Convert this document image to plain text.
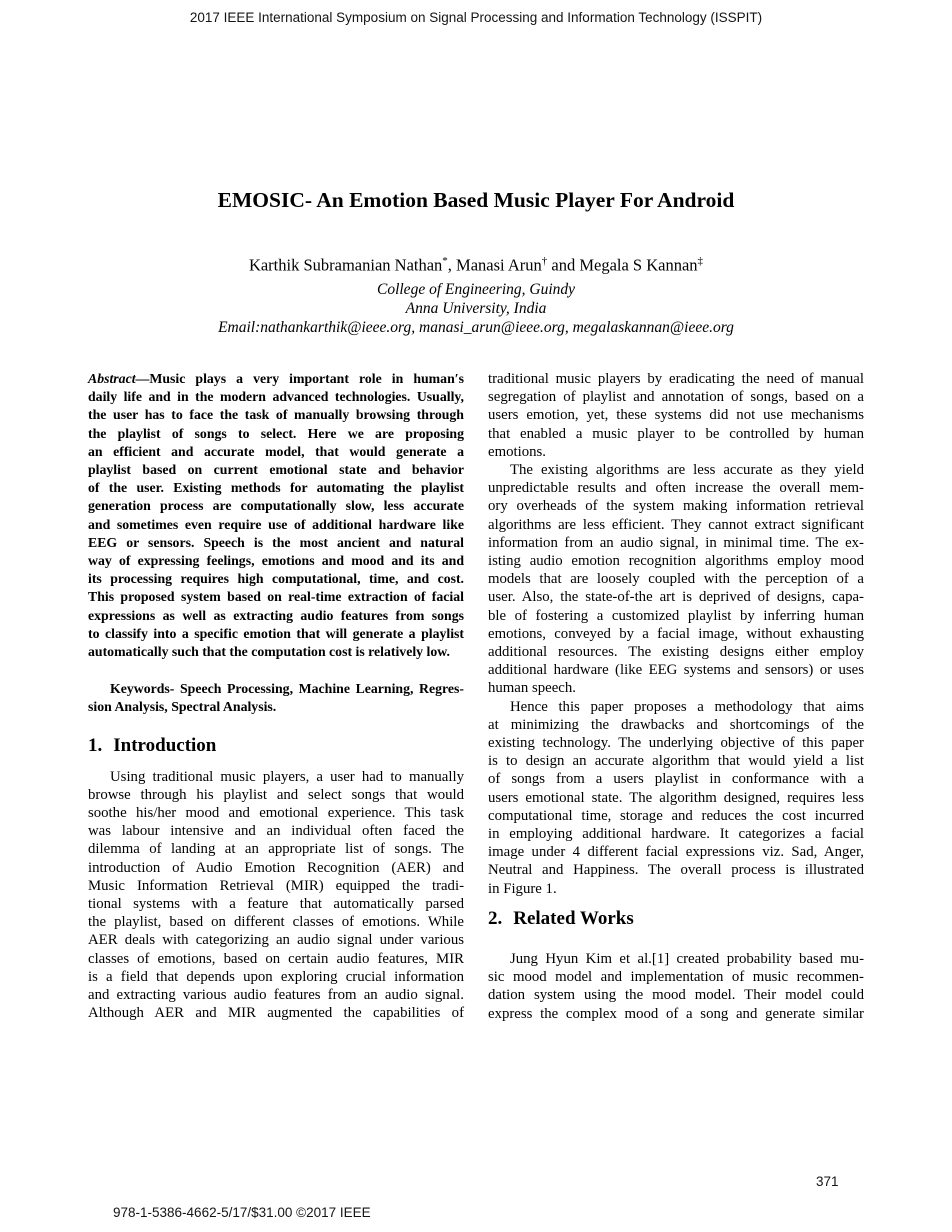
2017 IEEE International Symposium on Signal Processing and Information Technology (ISSPIT)
EMOSIC- An Emotion Based Music Player For Android
Karthik Subramanian Nathan*, Manasi Arun† and Megala S Kannan‡
College of Engineering, Guindy
Anna University, India
Email:nathankarthik@ieee.org, manasi_arun@ieee.org, megalaskannan@ieee.org
Abstract—Music plays a very important role in human′s
daily life and in the modern advanced technologies. Usually,
the user has to face the task of manually browsing through
the playlist of songs to select. Here we are proposing
an efficient and accurate model, that would generate a
playlist based on current emotional state and behavior
of the user. Existing methods for automating the playlist
generation process are computationally slow, less accurate
and sometimes even require use of additional hardware like
EEG or sensors. Speech is the most ancient and natural
way of expressing feelings, emotions and mood and its and
its processing requires high computational, time, and cost.
This proposed system based on real-time extraction of facial
expressions as well as extracting audio features from songs
to classify into a specific emotion that will generate a playlist
automatically such that the computation cost is relatively low.
Keywords- Speech Processing, Machine Learning, Regres-
sion Analysis, Spectral Analysis.
1. Introduction
Using traditional music players, a user had to manually
browse through his playlist and select songs that would
soothe his/her mood and emotional experience. This task
was labour intensive and an individual often faced the
dilemma of landing at an appropriate list of songs. The
introduction of Audio Emotion Recognition (AER) and
Music Information Retrieval (MIR) equipped the tradi-
tional systems with a feature that automatically parsed
the playlist, based on different classes of emotions. While
AER deals with categorizing an audio signal under various
classes of emotions, based on certain audio features, MIR
is a field that depends upon exploring crucial information
and extracting various audio features from an audio signal.
Although AER and MIR augmented the capabilities of
traditional music players by eradicating the need of manual
segregation of playlist and annotation of songs, based on a
users emotion, yet, these systems did not use mechanisms
that enabled a music player to be controlled by human
emotions.
The existing algorithms are less accurate as they yield
unpredictable results and often increase the overall mem-
ory overheads of the system making information retrieval
algorithms are less efficient. They cannot extract significant
information from an audio signal, in minimal time. The ex-
isting audio emotion recognition algorithms employ mood
models that are loosely coupled with the perception of a
user. Also, the state-of-the art is deprived of designs, capa-
ble of fostering a customized playlist by inferring human
emotions, conveyed by a facial image, without exhausting
additional resources. The existing designs either employ
additional hardware (like EEG systems and sensors) or uses
human speech.
Hence this paper proposes a methodology that aims
at minimizing the drawbacks and shortcomings of the
existing technology. The underlying objective of this paper
is to design an accurate algorithm that would yield a list
of songs from a users playlist in conformance with a
users emotional state. The algorithm designed, requires less
computational time, storage and reduces the cost incurred
in employing additional hardware. It categorizes a facial
image under 4 different facial expressions viz. Sad, Anger,
Neutral and Happiness. The overall process is illustrated
in Figure 1.
2. Related Works
Jung Hyun Kim et al.[1] created probability based mu-
sic mood model and implementation of music recommen-
dation system using the mood model. Their model could
express the complex mood of a song and generate similar
978-1-5386-4662-5/17/$31.00 ©2017 IEEE
371
